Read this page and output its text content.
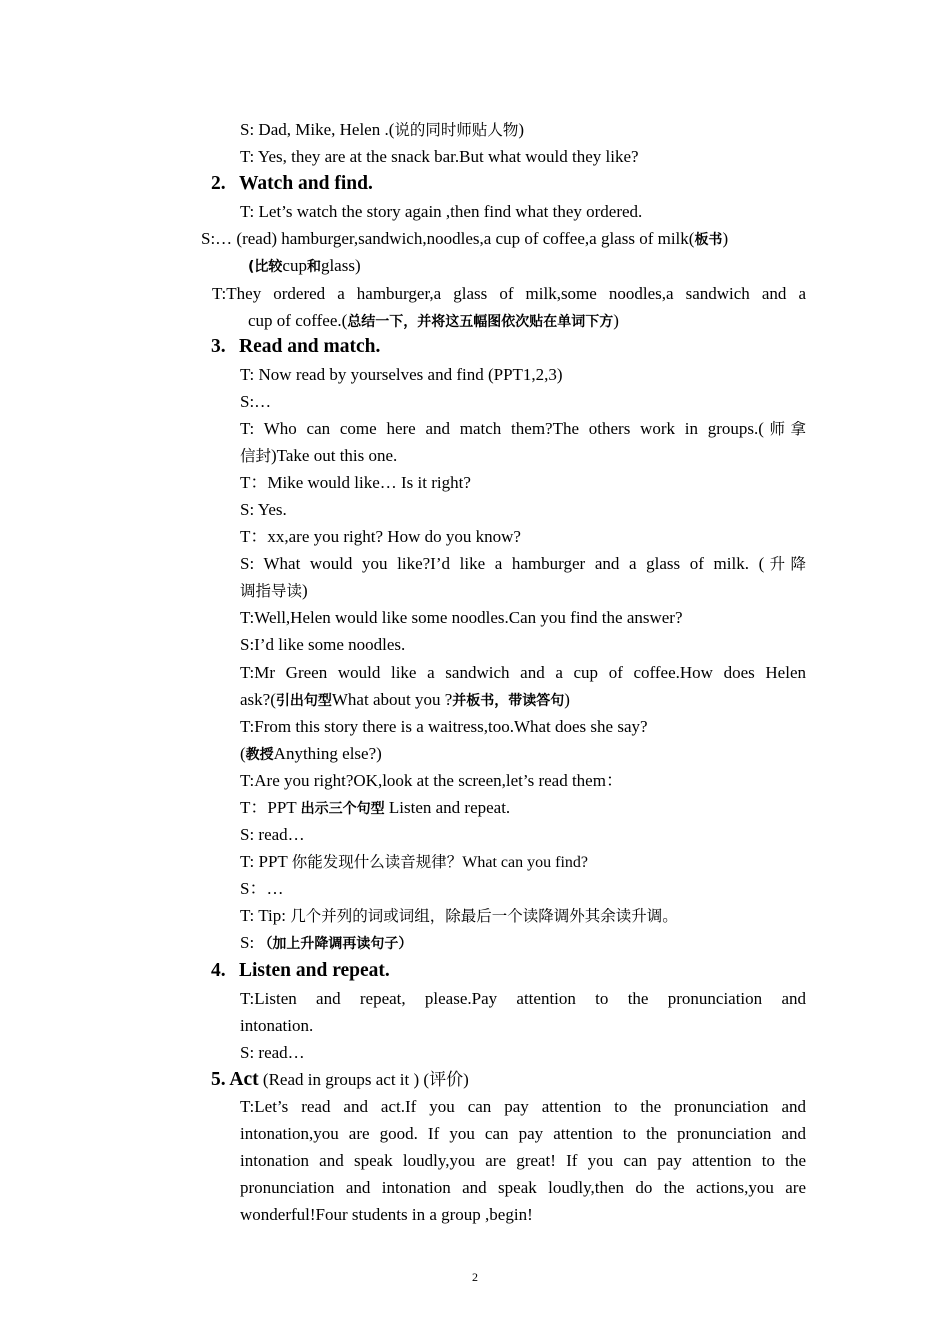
S: Dad, Mike, Helen .(说的同时师贴人物)
T: Yes, they are at the snack bar.But what would they like?
2. Watch and find.
T: Let’s watch the story again ,then find what they ordered.
S:… (read) hamburger,sandwich,noodles,a cup of coffee,a glass of milk(板书)
(比较cup和glass)
T:They ordered a hamburger,a glass of milk,some noodles,a sandwich and a
cup of coffee.(总结一下，并将这五幅图依次贴在单词下方)
3. Read and match.
T: Now read by yourselves and find (PPT1,2,3)
S:…
T: Who can come here and match them?The others work in groups.(师拿
信封)Take out this one.
T：Mike would like… Is it right?
S: Yes.
T：xx,are you right? How do you know?
S: What would you like?I’d like a hamburger and a glass of milk. (升降
调指导读)
T:Well,Helen would like some noodles.Can you find the answer?
S:I’d like some noodles.
T:Mr Green would like a sandwich and a cup of coffee.How does Helen
ask?(引出句型What about you ?并板书，带读答句)
T:From this story there is a waitress,too.What does she say?
(教授Anything else?)
T:Are you right?OK,look at the screen,let’s read them：
T：PPT 出示三个句型 Listen and repeat.
S: read…
T: PPT 你能发现什么读音规律？What can you find?
S：…
T: Tip: 几个并列的词或词组，除最后一个读降调外其余读升调。
S: （加上升降调再读句子）
4. Listen and repeat.
T:Listen and repeat, please.Pay attention to the pronunciation and
intonation.
S: read…
5. Act (Read in groups act it ) (评价)
T:Let’s read and act.If you can pay attention to the pronunciation and intonation,you are good. If you can pay attention to the pronunciation and intonation and speak loudly,you are great! If you can pay attention to the pronunciation and intonation and speak loudly,then do the actions,you are wonderful!Four students in a group ,begin!
2
